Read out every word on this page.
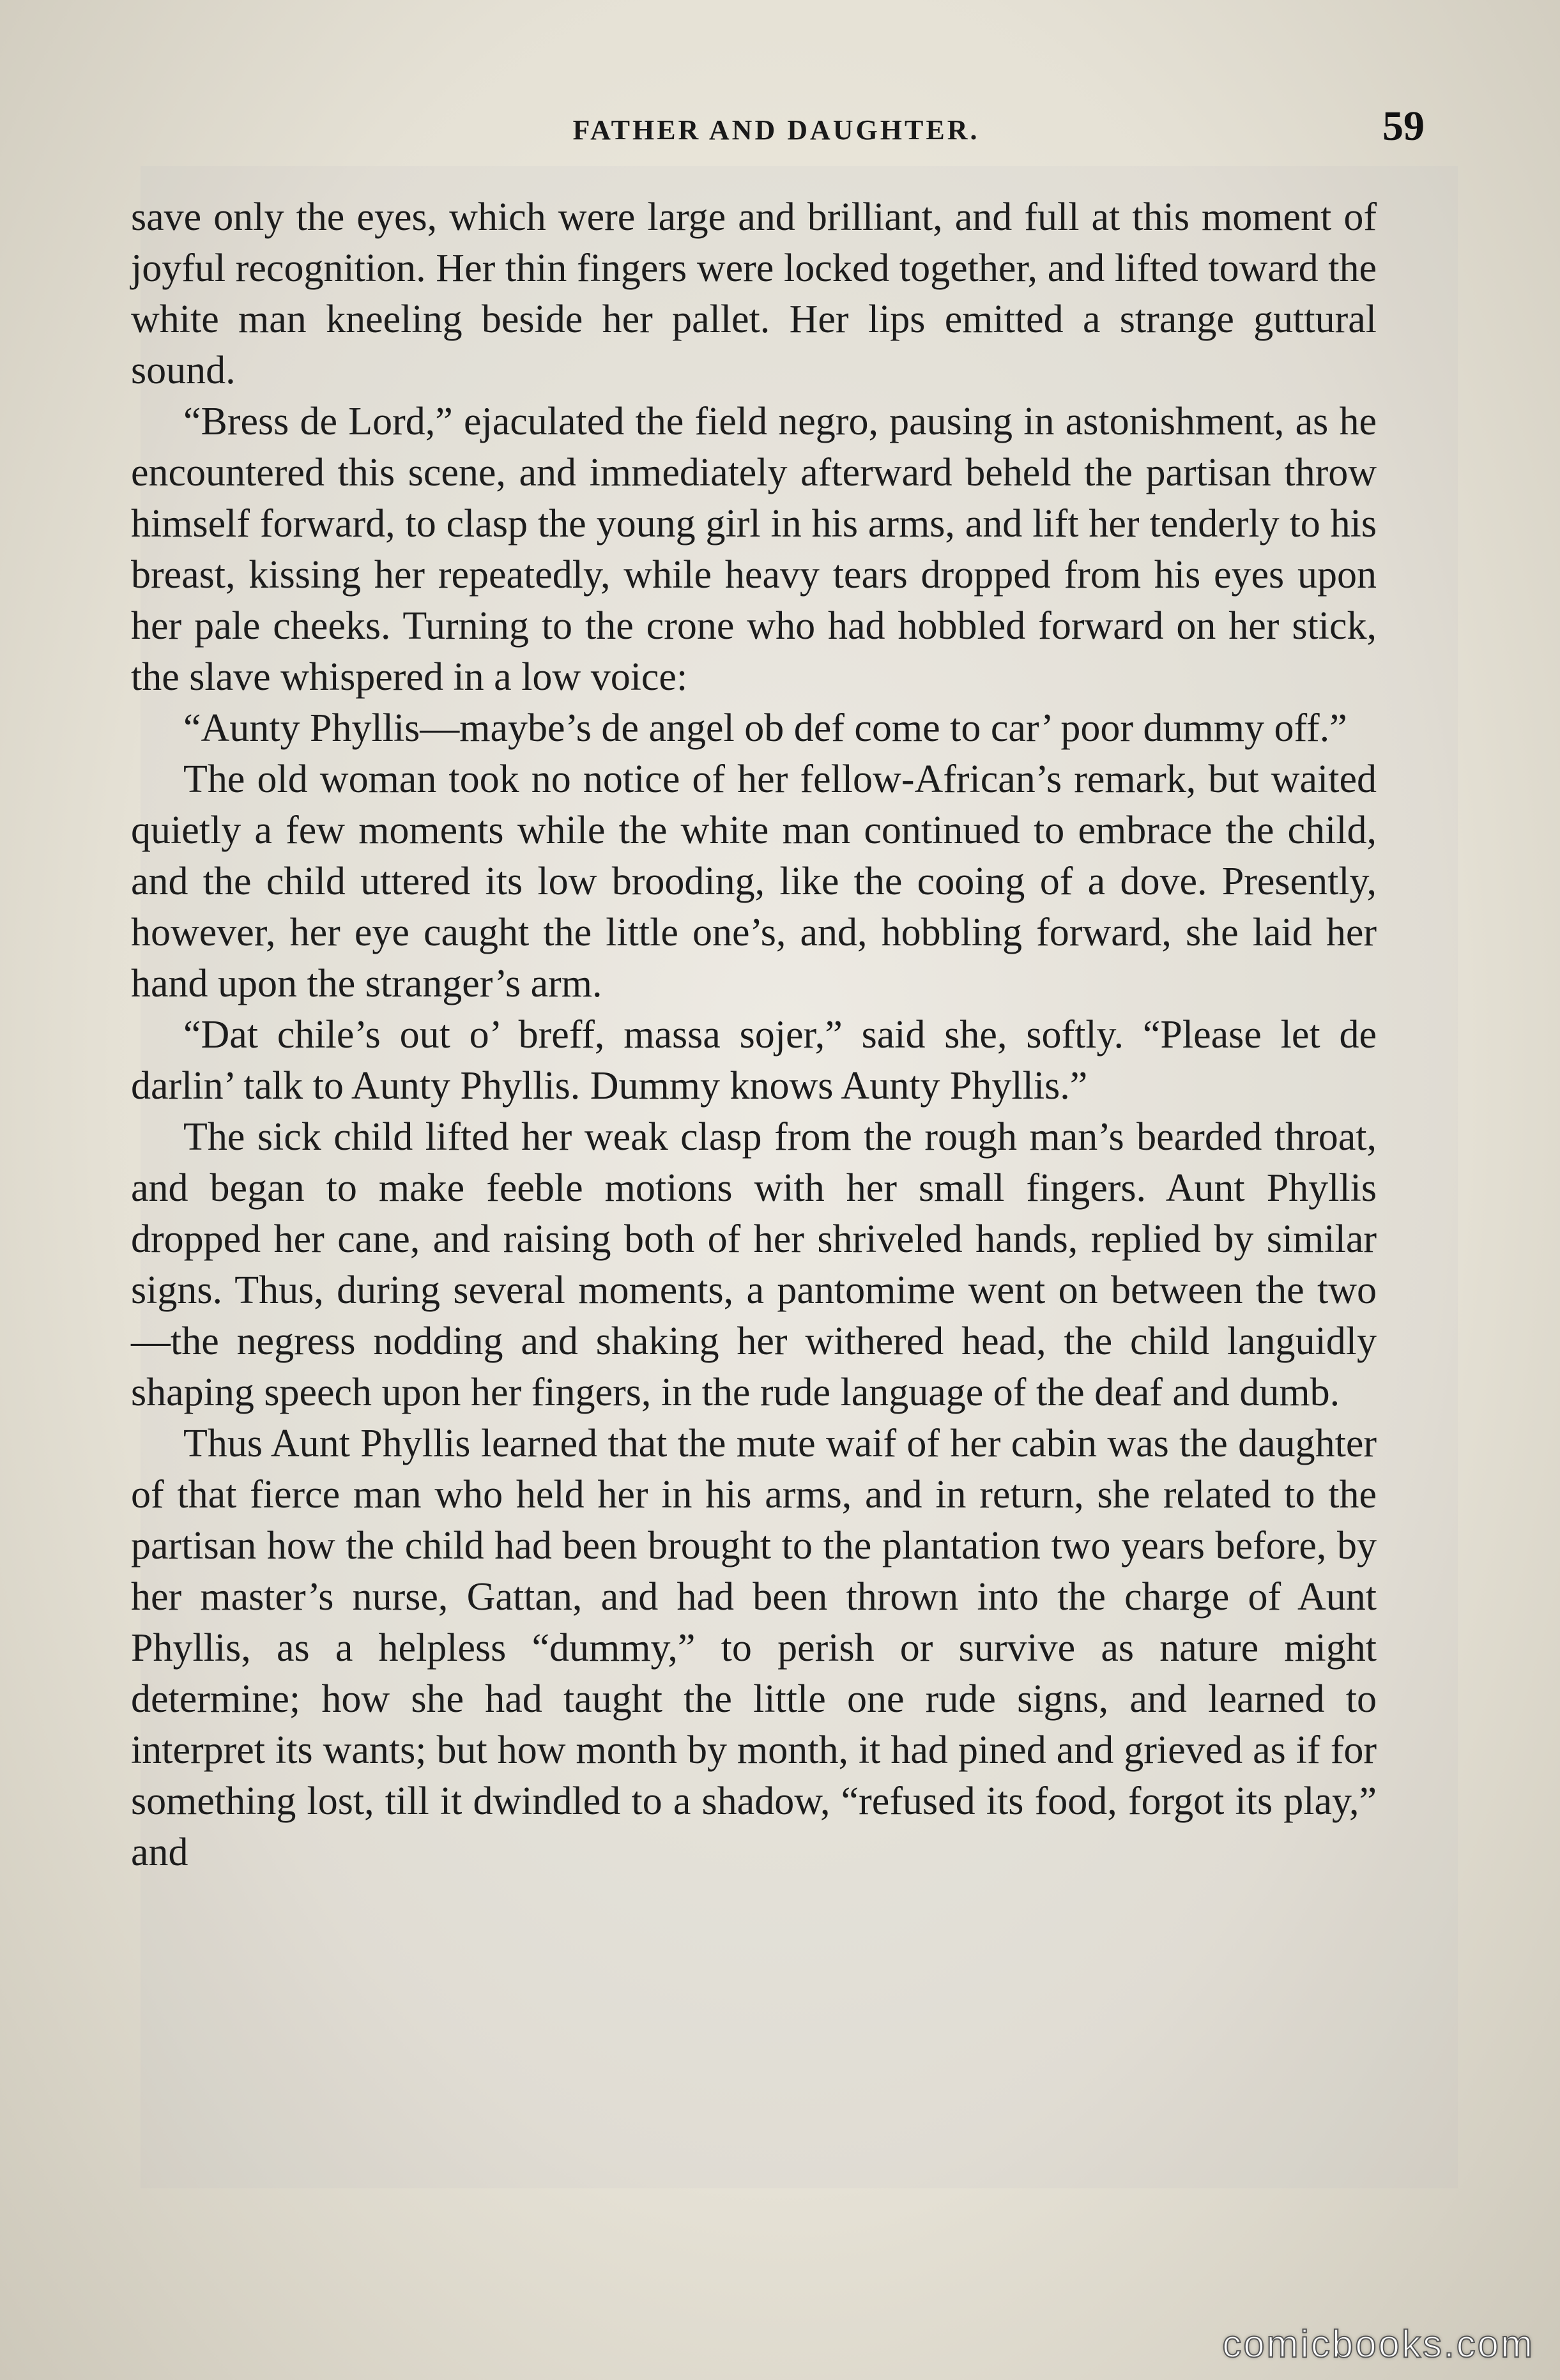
FATHER AND DAUGHTER.	59

save only the eyes, which were large and brilliant, and full at this moment of joyful recognition. Her thin fingers were locked together, and lifted toward the white man kneeling beside her pallet. Her lips emitted a strange guttural sound.

“Bress de Lord,” ejaculated the field negro, pausing in astonishment, as he encountered this scene, and immediately afterward beheld the partisan throw himself forward, to clasp the young girl in his arms, and lift her tenderly to his breast, kissing her repeatedly, while heavy tears dropped from his eyes upon her pale cheeks. Turning to the crone who had hobbled forward on her stick, the slave whispered in a low voice:

“Aunty Phyllis—maybe’s de angel ob def come to car’ poor dummy off.”

The old woman took no notice of her fellow-African’s remark, but waited quietly a few moments while the white man continued to embrace the child, and the child uttered its low brooding, like the cooing of a dove. Presently, however, her eye caught the little one’s, and, hobbling forward, she laid her hand upon the stranger’s arm.

“Dat chile’s out o’ breff, massa sojer,” said she, softly. “Please let de darlin’ talk to Aunty Phyllis. Dummy knows Aunty Phyllis.”

The sick child lifted her weak clasp from the rough man’s bearded throat, and began to make feeble motions with her small fingers. Aunt Phyllis dropped her cane, and raising both of her shriveled hands, replied by similar signs. Thus, during several moments, a pantomime went on between the two—the negress nodding and shaking her withered head, the child languidly shaping speech upon her fingers, in the rude language of the deaf and dumb.

Thus Aunt Phyllis learned that the mute waif of her cabin was the daughter of that fierce man who held her in his arms, and in return, she related to the partisan how the child had been brought to the plantation two years before, by her master’s nurse, Gattan, and had been thrown into the charge of Aunt Phyllis, as a helpless “dummy,” to perish or survive as nature might determine; how she had taught the little one rude signs, and learned to interpret its wants; but how month by month, it had pined and grieved as if for something lost, till it dwindled to a shadow, “refused its food, forgot its play,” and

comicbooks.com
